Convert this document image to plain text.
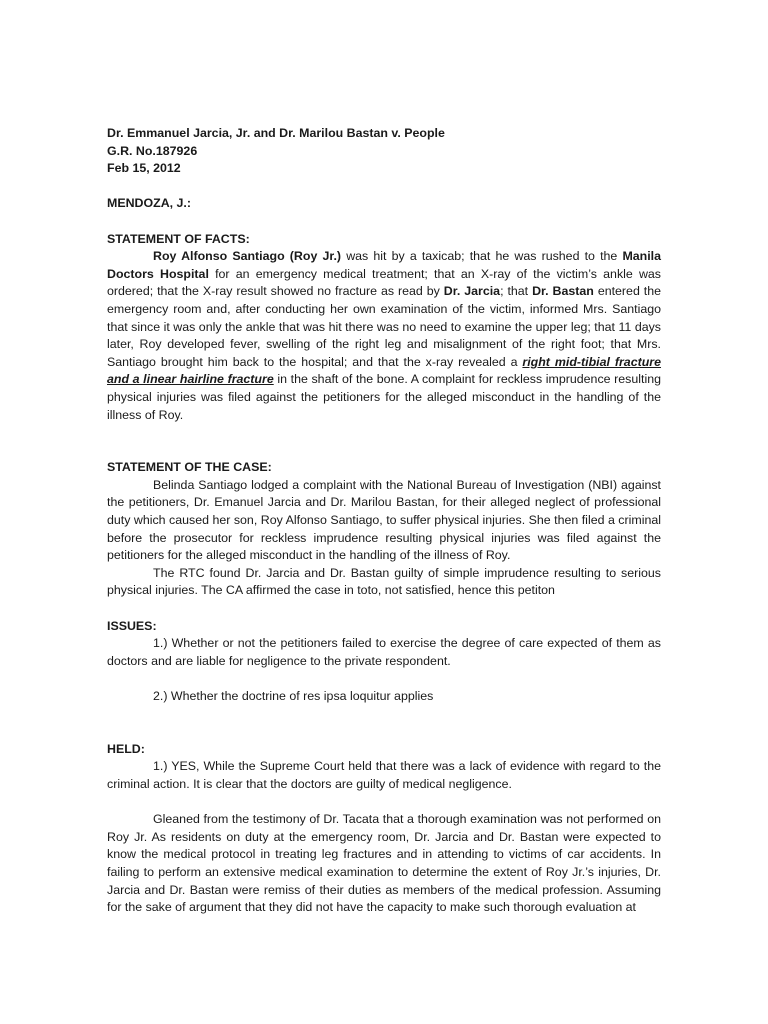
Dr. Emmanuel Jarcia, Jr. and Dr. Marilou Bastan v. People
G.R. No.187926
Feb 15, 2012

MENDOZA, J.:

STATEMENT OF FACTS:

Roy Alfonso Santiago (Roy Jr.) was hit by a taxicab; that he was rushed to the Manila Doctors Hospital for an emergency medical treatment; that an X-ray of the victim’s ankle was ordered; that the X-ray result showed no fracture as read by Dr. Jarcia; that Dr. Bastan entered the emergency room and, after conducting her own examination of the victim, informed Mrs. Santiago that since it was only the ankle that was hit there was no need to examine the upper leg; that 11 days later, Roy developed fever, swelling of the right leg and misalignment of the right foot; that Mrs. Santiago brought him back to the hospital; and that the x-ray revealed a right mid-tibial fracture and a linear hairline fracture in the shaft of the bone. A complaint for reckless imprudence resulting physical injuries was filed against the petitioners for the alleged misconduct in the handling of the illness of Roy.

STATEMENT OF THE CASE:

Belinda Santiago lodged a complaint with the National Bureau of Investigation (NBI) against the petitioners, Dr. Emanuel Jarcia and Dr. Marilou Bastan, for their alleged neglect of professional duty which caused her son, Roy Alfonso Santiago, to suffer physical injuries. She then filed a criminal before the prosecutor for reckless imprudence resulting physical injuries was filed against the petitioners for the alleged misconduct in the handling of the illness of Roy.

The RTC found Dr. Jarcia and Dr. Bastan guilty of simple imprudence resulting to serious physical injuries. The CA affirmed the case in toto, not satisfied, hence this petiton

ISSUES:

1.) Whether or not the petitioners failed to exercise the degree of care expected of them as doctors and are liable for negligence to the private respondent.

2.) Whether the doctrine of res ipsa loquitur applies

HELD:

1.) YES, While the Supreme Court held that there was a lack of evidence with regard to the criminal action. It is clear that the doctors are guilty of medical negligence.

Gleaned from the testimony of Dr. Tacata that a thorough examination was not performed on Roy Jr. As residents on duty at the emergency room, Dr. Jarcia and Dr. Bastan were expected to know the medical protocol in treating leg fractures and in attending to victims of car accidents. In failing to perform an extensive medical examination to determine the extent of Roy Jr.’s injuries, Dr. Jarcia and Dr. Bastan were remiss of their duties as members of the medical profession. Assuming for the sake of argument that they did not have the capacity to make such thorough evaluation at
